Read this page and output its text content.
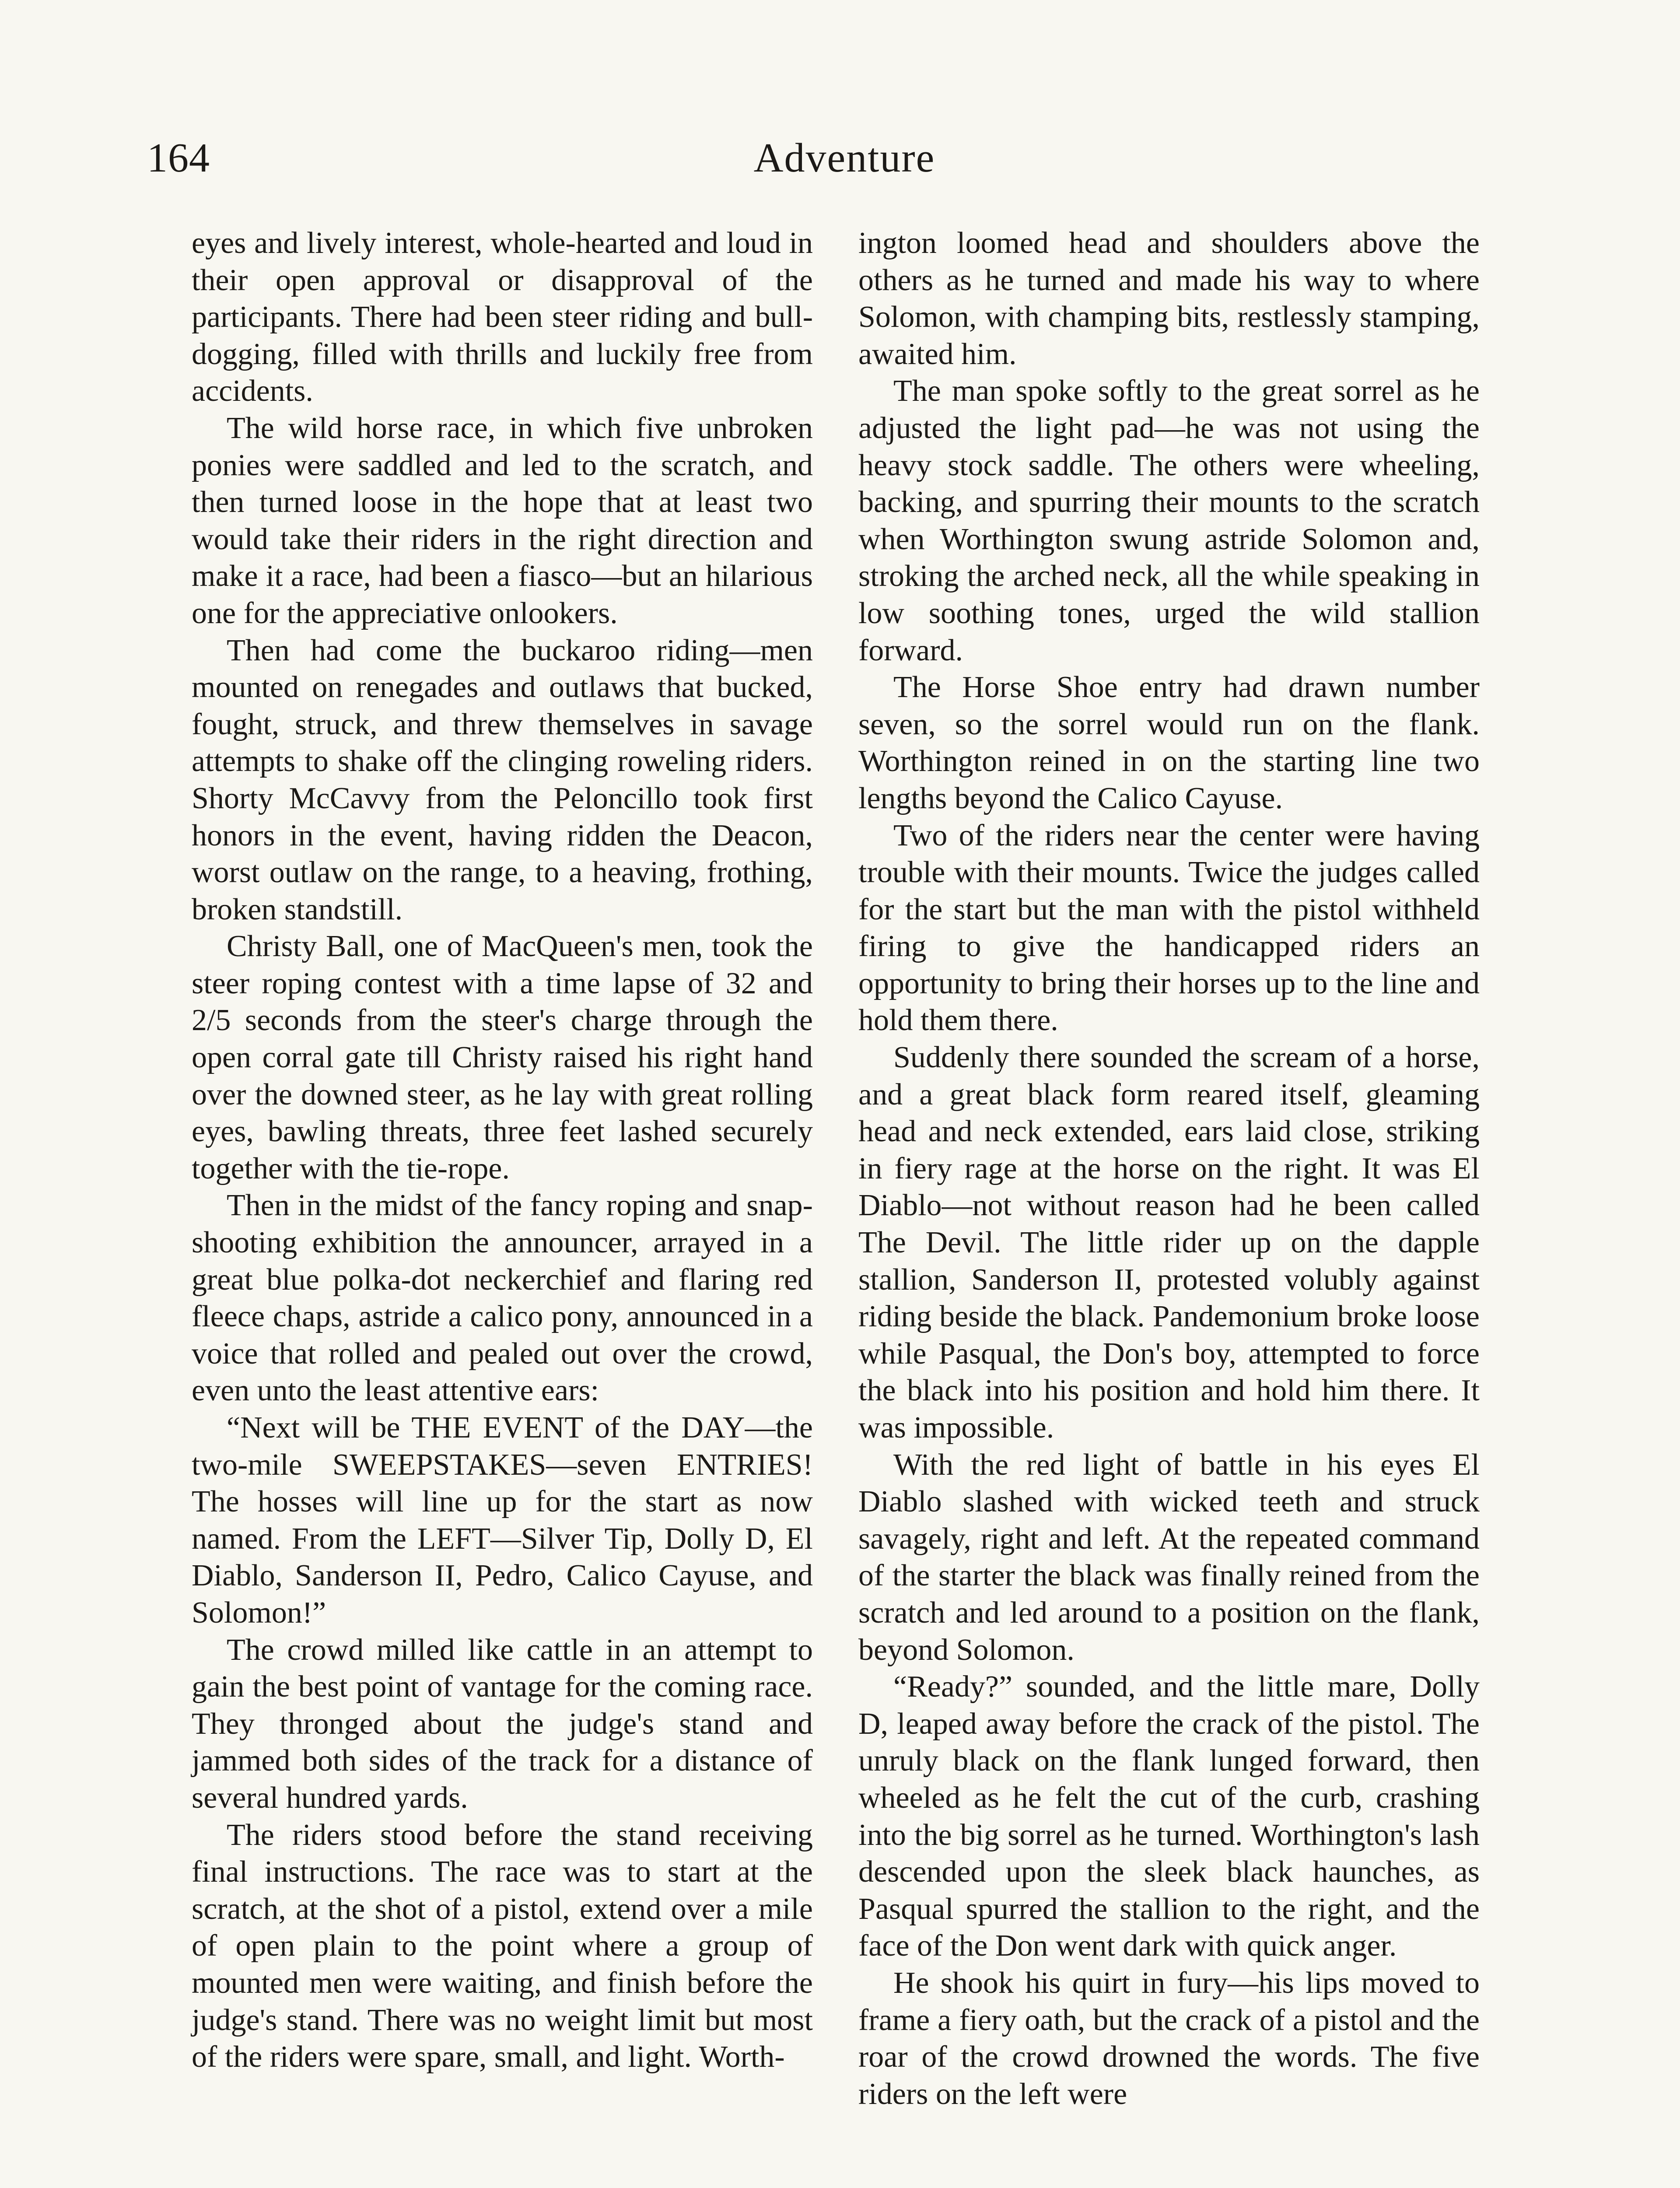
164	Adventure

eyes and lively interest, whole-hearted and loud in their open approval or disapproval of the participants. There had been steer riding and bull-dogging, filled with thrills and luckily free from accidents.

The wild horse race, in which five unbroken ponies were saddled and led to the scratch, and then turned loose in the hope that at least two would take their riders in the right direction and make it a race, had been a fiasco—but an hilarious one for the appreciative onlookers.

Then had come the buckaroo riding—men mounted on renegades and outlaws that bucked, fought, struck, and threw themselves in savage attempts to shake off the clinging roweling riders. Shorty McCavvy from the Peloncillo took first honors in the event, having ridden the Deacon, worst outlaw on the range, to a heaving, frothing, broken standstill.

Christy Ball, one of MacQueen's men, took the steer roping contest with a time lapse of 32 and 2/5 seconds from the steer's charge through the open corral gate till Christy raised his right hand over the downed steer, as he lay with great rolling eyes, bawling threats, three feet lashed securely together with the tie-rope.

Then in the midst of the fancy roping and snap-shooting exhibition the announcer, arrayed in a great blue polka-dot neckerchief and flaring red fleece chaps, astride a calico pony, announced in a voice that rolled and pealed out over the crowd, even unto the least attentive ears:

“Next will be THE EVENT of the DAY—the two-mile SWEEPSTAKES—seven ENTRIES! The hosses will line up for the start as now named. From the LEFT—Silver Tip, Dolly D, El Diablo, Sanderson II, Pedro, Calico Cayuse, and Solomon!”

The crowd milled like cattle in an attempt to gain the best point of vantage for the coming race. They thronged about the judge's stand and jammed both sides of the track for a distance of several hundred yards.

The riders stood before the stand receiving final instructions. The race was to start at the scratch, at the shot of a pistol, extend over a mile of open plain to the point where a group of mounted men were waiting, and finish before the judge's stand. There was no weight limit but most of the riders were spare, small, and light. Worth-

ington loomed head and shoulders above the others as he turned and made his way to where Solomon, with champing bits, restlessly stamping, awaited him.

The man spoke softly to the great sorrel as he adjusted the light pad—he was not using the heavy stock saddle. The others were wheeling, backing, and spurring their mounts to the scratch when Worthington swung astride Solomon and, stroking the arched neck, all the while speaking in low soothing tones, urged the wild stallion forward.

The Horse Shoe entry had drawn number seven, so the sorrel would run on the flank. Worthington reined in on the starting line two lengths beyond the Calico Cayuse.

Two of the riders near the center were having trouble with their mounts. Twice the judges called for the start but the man with the pistol withheld firing to give the handicapped riders an opportunity to bring their horses up to the line and hold them there.

Suddenly there sounded the scream of a horse, and a great black form reared itself, gleaming head and neck extended, ears laid close, striking in fiery rage at the horse on the right. It was El Diablo—not without reason had he been called The Devil. The little rider up on the dapple stallion, Sanderson II, protested volubly against riding beside the black. Pandemonium broke loose while Pasqual, the Don's boy, attempted to force the black into his position and hold him there. It was impossible.

With the red light of battle in his eyes El Diablo slashed with wicked teeth and struck savagely, right and left. At the repeated command of the starter the black was finally reined from the scratch and led around to a position on the flank, beyond Solomon.

“Ready?” sounded, and the little mare, Dolly D, leaped away before the crack of the pistol. The unruly black on the flank lunged forward, then wheeled as he felt the cut of the curb, crashing into the big sorrel as he turned. Worthington's lash descended upon the sleek black haunches, as Pasqual spurred the stallion to the right, and the face of the Don went dark with quick anger.

He shook his quirt in fury—his lips moved to frame a fiery oath, but the crack of a pistol and the roar of the crowd drowned the words. The five riders on the left were
